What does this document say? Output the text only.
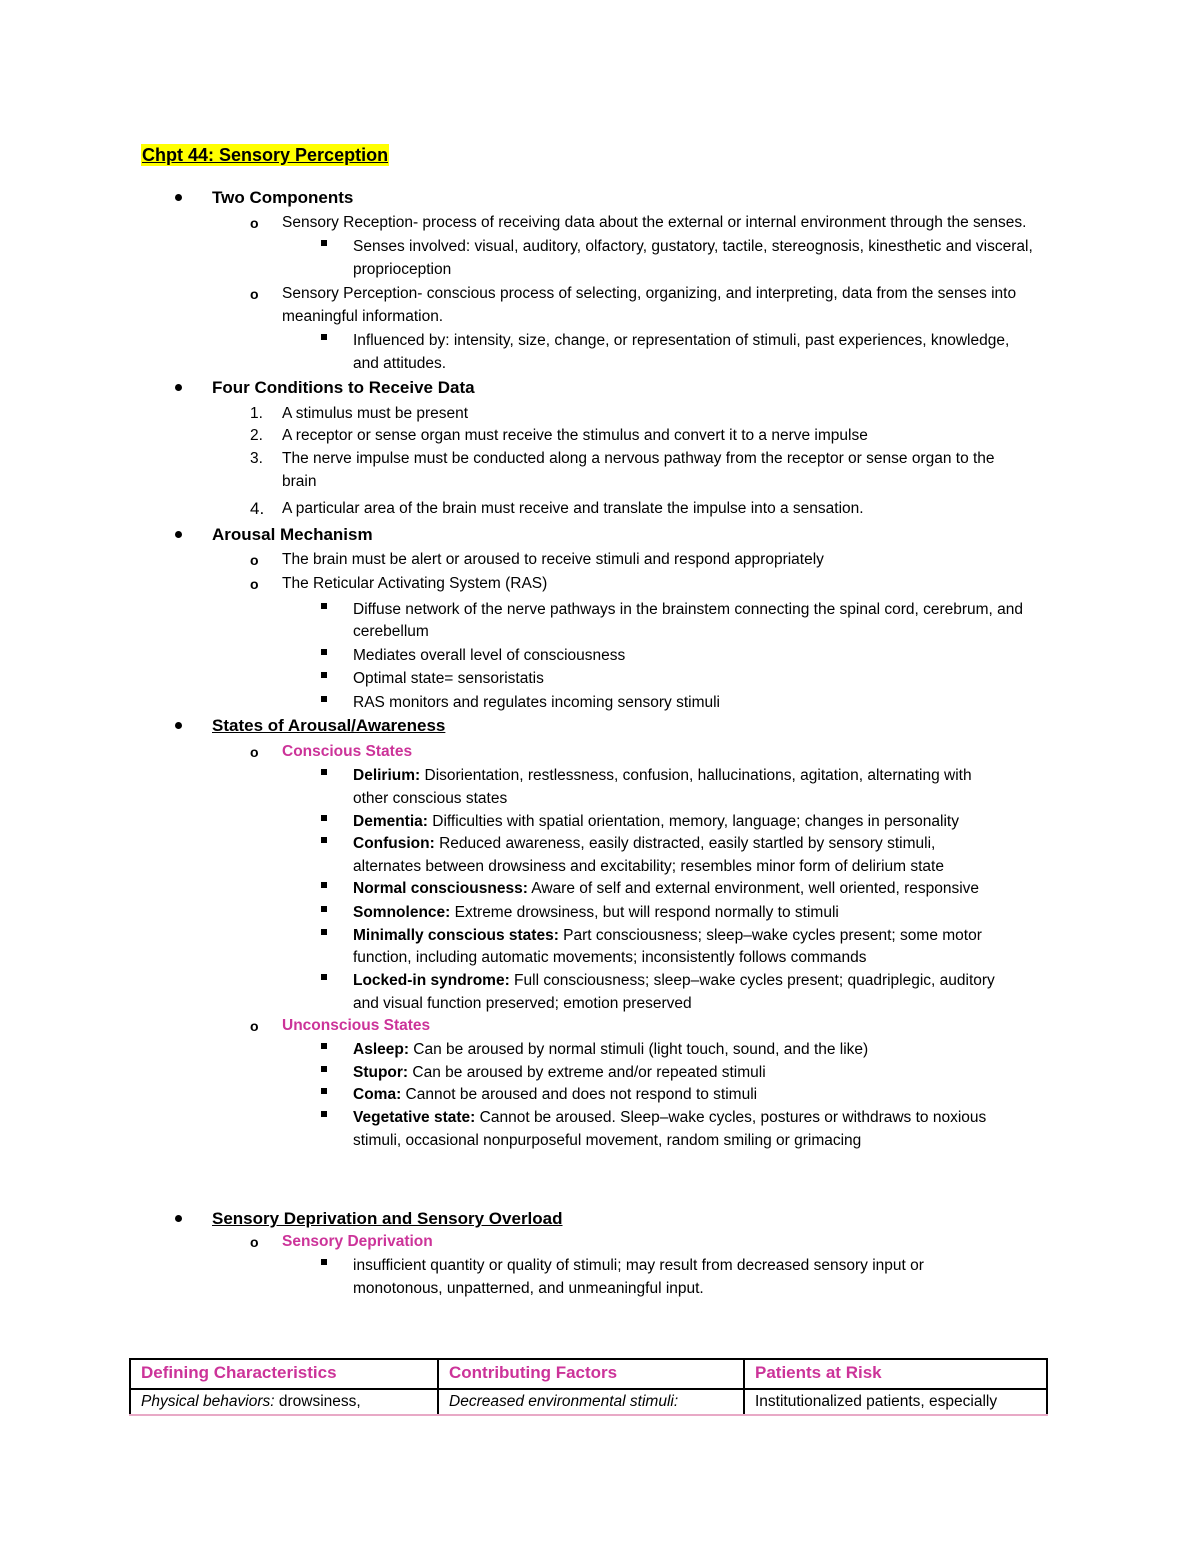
Chpt 44: Sensory Perception
Two Components
o Sensory Reception- process of receiving data about the external or internal environment through the senses.
Senses involved: visual, auditory, olfactory, gustatory, tactile, stereognosis, kinesthetic and visceral,
proprioception
o Sensory Perception- conscious process of selecting, organizing, and interpreting, data from the senses into
meaningful information.
Influenced by: intensity, size, change, or representation of stimuli, past experiences, knowledge,
and attitudes.
Four Conditions to Receive Data
1. A stimulus must be present
2. A receptor or sense organ must receive the stimulus and convert it to a nerve impulse
3. The nerve impulse must be conducted along a nervous pathway from the receptor or sense organ to the
brain
4. A particular area of the brain must receive and translate the impulse into a sensation.
Arousal Mechanism
o The brain must be alert or aroused to receive stimuli and respond appropriately
o The Reticular Activating System (RAS)
Diffuse network of the nerve pathways in the brainstem connecting the spinal cord, cerebrum, and
cerebellum
Mediates overall level of consciousness
Optimal state= sensoristatis
RAS monitors and regulates incoming sensory stimuli
States of Arousal/Awareness
o Conscious States
Delirium: Disorientation, restlessness, confusion, hallucinations, agitation, alternating with
other conscious states
Dementia: Difficulties with spatial orientation, memory, language; changes in personality
Confusion: Reduced awareness, easily distracted, easily startled by sensory stimuli,
alternates between drowsiness and excitability; resembles minor form of delirium state
Normal consciousness: Aware of self and external environment, well oriented, responsive
Somnolence: Extreme drowsiness, but will respond normally to stimuli
Minimally conscious states: Part consciousness; sleep–wake cycles present; some motor
function, including automatic movements; inconsistently follows commands
Locked-in syndrome: Full consciousness; sleep–wake cycles present; quadriplegic, auditory
and visual function preserved; emotion preserved
o Unconscious States
Asleep: Can be aroused by normal stimuli (light touch, sound, and the like)
Stupor: Can be aroused by extreme and/or repeated stimuli
Coma: Cannot be aroused and does not respond to stimuli
Vegetative state: Cannot be aroused. Sleep–wake cycles, postures or withdraws to noxious
stimuli, occasional nonpurposeful movement, random smiling or grimacing
Sensory Deprivation and Sensory Overload
o Sensory Deprivation
insufficient quantity or quality of stimuli; may result from decreased sensory input or
monotonous, unpatterned, and unmeaningful input.
Defining Characteristics	Contributing Factors	Patients at Risk
Physical behaviors: drowsiness,	Decreased environmental stimuli:	Institutionalized patients, especially
